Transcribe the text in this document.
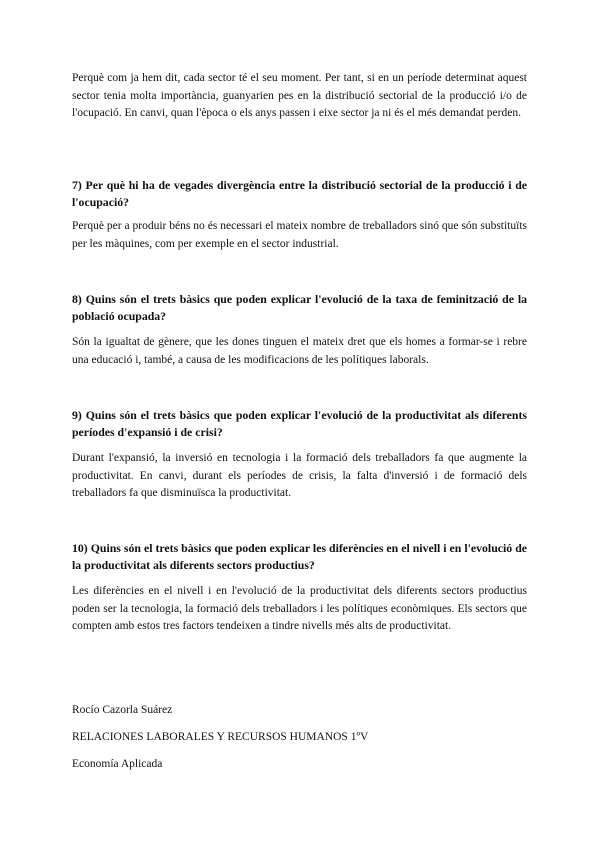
Perquè com ja hem dit, cada sector té el seu moment. Per tant, si en un període determinat aquest sector tenia molta importància, guanyarien pes en la distribució sectorial de la producció i/o de l'ocupació. En canvi, quan l'època o els anys passen i eixe sector ja ni és el més demandat perden.

7) Per què hi ha de vegades divergència entre la distribució sectorial de la producció i de l'ocupació?

Perquè per a produir béns no és necessari el mateix nombre de treballadors sinó que són substituïts per les màquines, com per exemple en el sector industrial.

8) Quins són el trets bàsics que poden explicar l'evolució de la taxa de feminització de la població ocupada?

Són la igualtat de gènere, que les dones tinguen el mateix dret que els homes a formar-se i rebre una educació i, també, a causa de les modificacions de les polítiques laborals.

9) Quins són el trets bàsics que poden explicar l'evolució de la productivitat als diferents períodes d'expansió i de crisi?

Durant l'expansió, la inversió en tecnologia i la formació dels treballadors fa que augmente la productivitat. En canvi, durant els períodes de crisis, la falta d'inversió i de formació dels treballadors fa que disminuïsca la productivitat.

10) Quins són el trets bàsics que poden explicar les diferències en el nivell i en l'evolució de la productivitat als diferents sectors productius?

Les diferències en el nivell i en l'evolució de la productivitat dels diferents sectors productius poden ser la tecnologia, la formació dels treballadors i les polítiques econòmiques. Els sectors que compten amb estos tres factors tendeixen a tindre nivells més alts de productivitat.

Rocío Cazorla Suárez

RELACIONES LABORALES Y RECURSOS HUMANOS 1ºV

Economía Aplicada
